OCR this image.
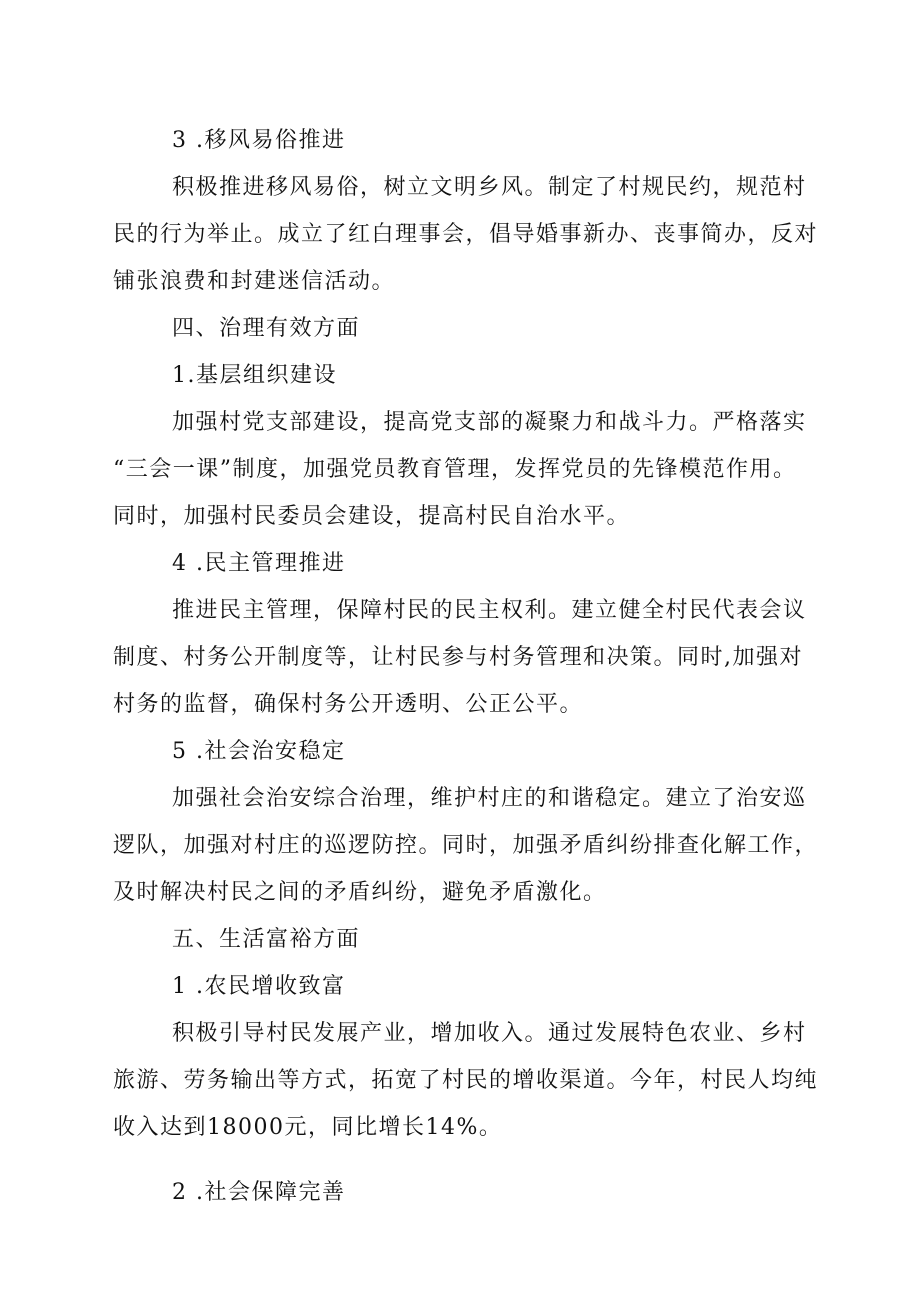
3 .移风易俗推进
积极推进移风易俗，树立文明乡风。制定了村规民约，规范村
民的行为举止。成立了红白理事会，倡导婚事新办、丧事简办，反对
铺张浪费和封建迷信活动。
四、治理有效方面
1.基层组织建设
加强村党支部建设，提高党支部的凝聚力和战斗力。严格落实
“三会一课”制度，加强党员教育管理，发挥党员的先锋模范作用。
同时，加强村民委员会建设，提高村民自治水平。
4 .民主管理推进
推进民主管理，保障村民的民主权利。建立健全村民代表会议
制度、村务公开制度等，让村民参与村务管理和决策。同时,加强对
村务的监督，确保村务公开透明、公正公平。
5 .社会治安稳定
加强社会治安综合治理，维护村庄的和谐稳定。建立了治安巡
逻队，加强对村庄的巡逻防控。同时，加强矛盾纠纷排查化解工作，
及时解决村民之间的矛盾纠纷，避免矛盾激化。
五、生活富裕方面
1 .农民增收致富
积极引导村民发展产业，增加收入。通过发展特色农业、乡村
旅游、劳务输出等方式，拓宽了村民的增收渠道。今年，村民人均纯
收入达到18000元，同比增长14%。
2 .社会保障完善
